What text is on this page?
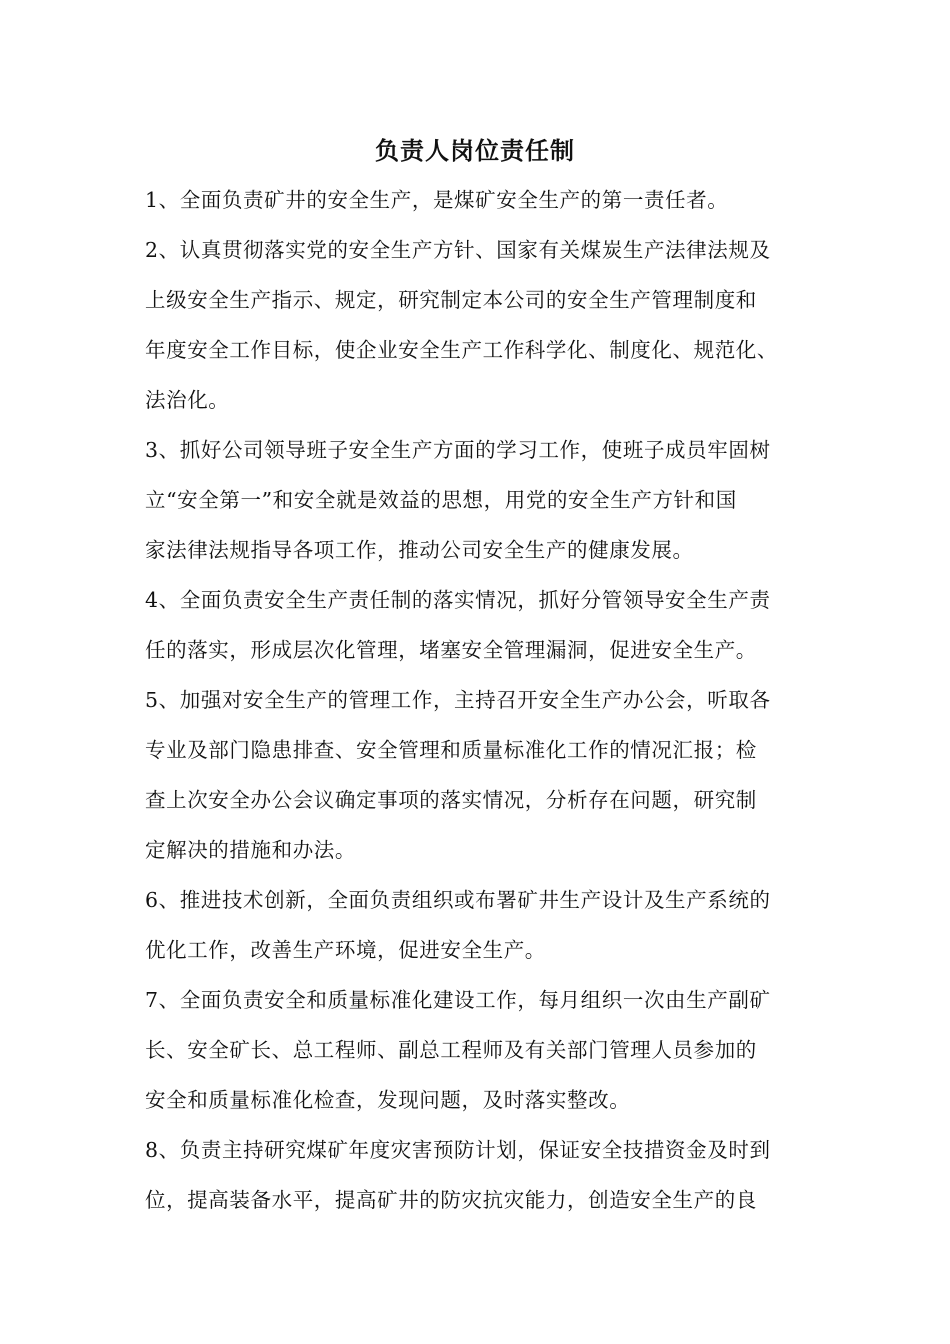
负责人岗位责任制
1、全面负责矿井的安全生产，是煤矿安全生产的第一责任者。
2、认真贯彻落实党的安全生产方针、国家有关煤炭生产法律法规及
上级安全生产指示、规定，研究制定本公司的安全生产管理制度和
年度安全工作目标，使企业安全生产工作科学化、制度化、规范化、
法治化。
3、抓好公司领导班子安全生产方面的学习工作，使班子成员牢固树
立“安全第一”和安全就是效益的思想，用党的安全生产方针和国
家法律法规指导各项工作，推动公司安全生产的健康发展。
4、全面负责安全生产责任制的落实情况，抓好分管领导安全生产责
任的落实，形成层次化管理，堵塞安全管理漏洞，促进安全生产。
5、加强对安全生产的管理工作，主持召开安全生产办公会，听取各
专业及部门隐患排查、安全管理和质量标准化工作的情况汇报；检
查上次安全办公会议确定事项的落实情况，分析存在问题，研究制
定解决的措施和办法。
6、推进技术创新，全面负责组织或布署矿井生产设计及生产系统的
优化工作，改善生产环境，促进安全生产。
7、全面负责安全和质量标准化建设工作，每月组织一次由生产副矿
长、安全矿长、总工程师、副总工程师及有关部门管理人员参加的
安全和质量标准化检查，发现问题，及时落实整改。
8、负责主持研究煤矿年度灾害预防计划，保证安全技措资金及时到
位，提高装备水平，提高矿井的防灾抗灾能力，创造安全生产的良
